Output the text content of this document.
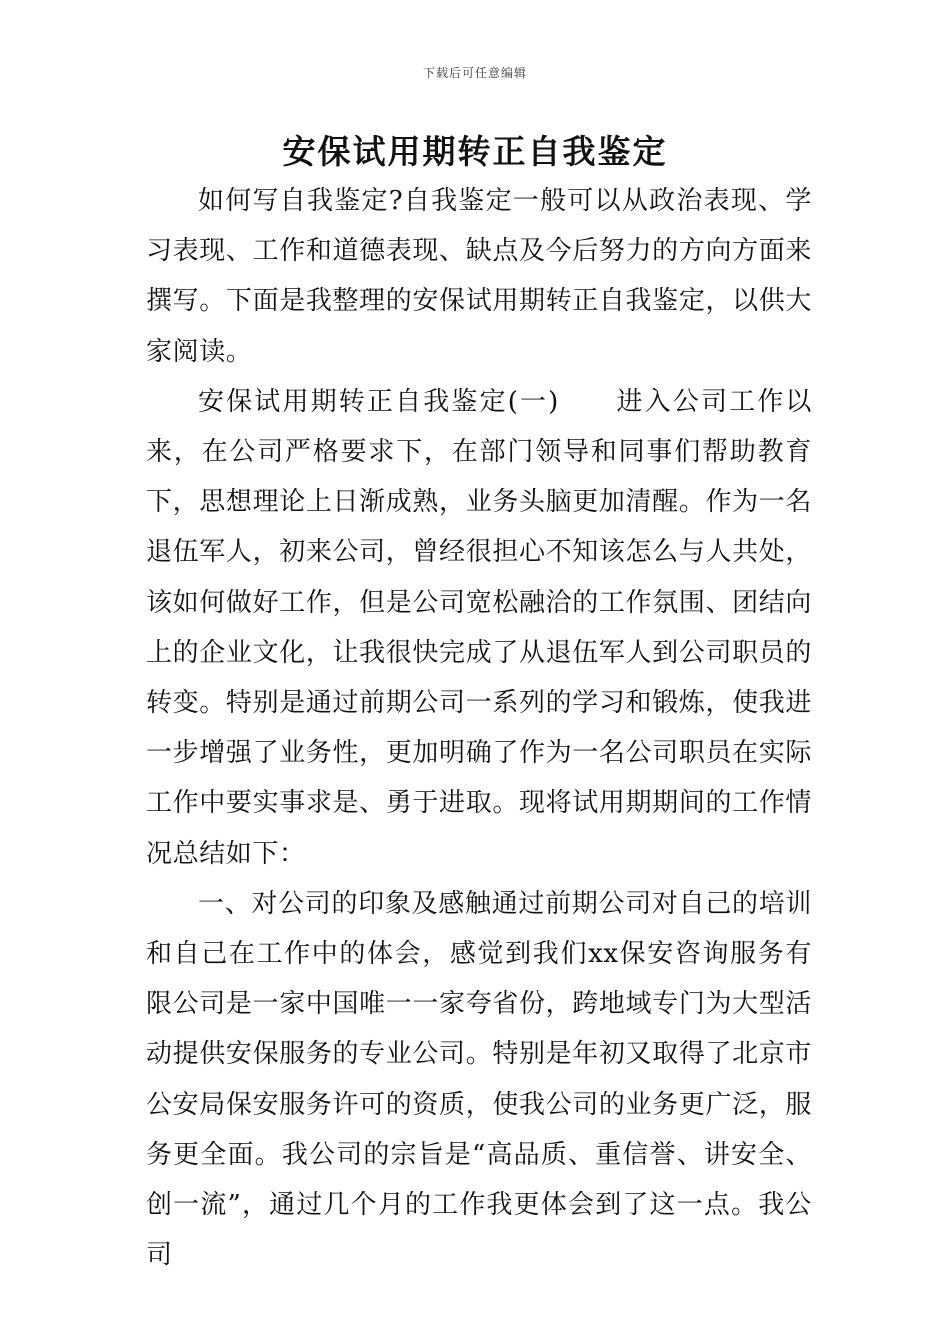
下载后可任意编辑
安保试用期转正自我鉴定

如何写自我鉴定?自我鉴定一般可以从政治表现、学习表现、工作和道德表现、缺点及今后努力的方向方面来撰写。下面是我整理的安保试用期转正自我鉴定，以供大家阅读。

安保试用期转正自我鉴定(一) 进入公司工作以来，在公司严格要求下，在部门领导和同事们帮助教育下，思想理论上日渐成熟，业务头脑更加清醒。作为一名退伍军人，初来公司，曾经很担心不知该怎么与人共处，该如何做好工作，但是公司宽松融洽的工作氛围、团结向上的企业文化，让我很快完成了从退伍军人到公司职员的转变。特别是通过前期公司一系列的学习和锻炼，使我进一步增强了业务性，更加明确了作为一名公司职员在实际工作中要实事求是、勇于进取。现将试用期期间的工作情况总结如下：

一、对公司的印象及感触通过前期公司对自己的培训和自己在工作中的体会，感觉到我们xx保安咨询服务有限公司是一家中国唯一一家夸省份，跨地域专门为大型活动提供安保服务的专业公司。特别是年初又取得了北京市公安局保安服务许可的资质，使我公司的业务更广泛，服务更全面。我公司的宗旨是“高品质、重信誉、讲安全、创一流”，通过几个月的工作我更体会到了这一点。我公司
